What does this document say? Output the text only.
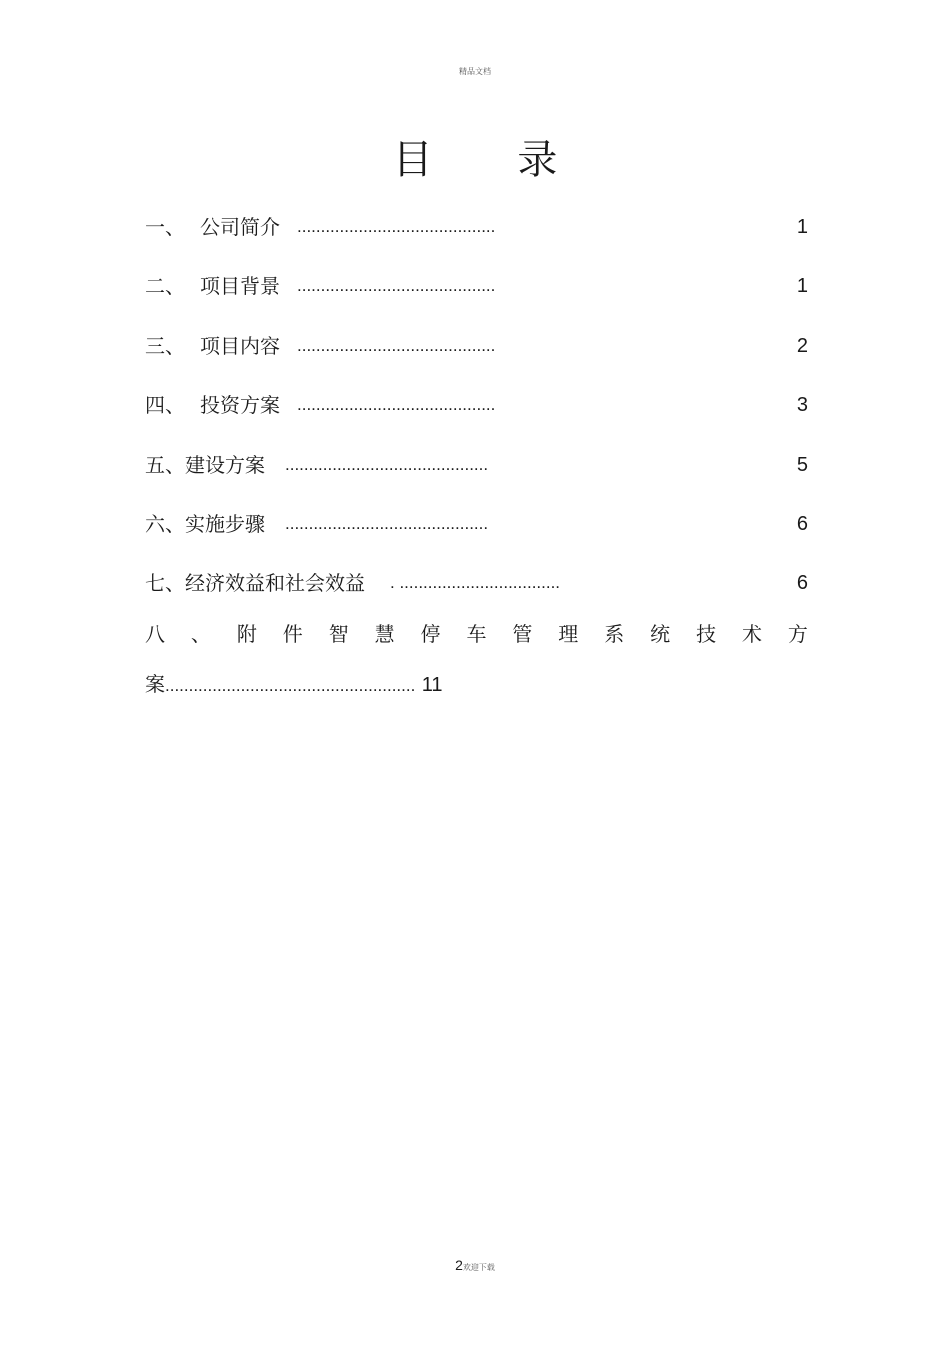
精品文档
目 录
一、 公司简介 ..........................................	1
二、 项目背景 ..........................................	1
三、 项目内容 ..........................................	2
四、 投资方案 ..........................................	3
五、 建设方案 ...........................................	5
六、 实施步骤 ...........................................	6
七、 经济效益和社会效益 . ..................................	6
八 、 附 件 智 慧 停 车 管 理 系 统 技 术 方
案..................................................... 11
2欢迎下载
